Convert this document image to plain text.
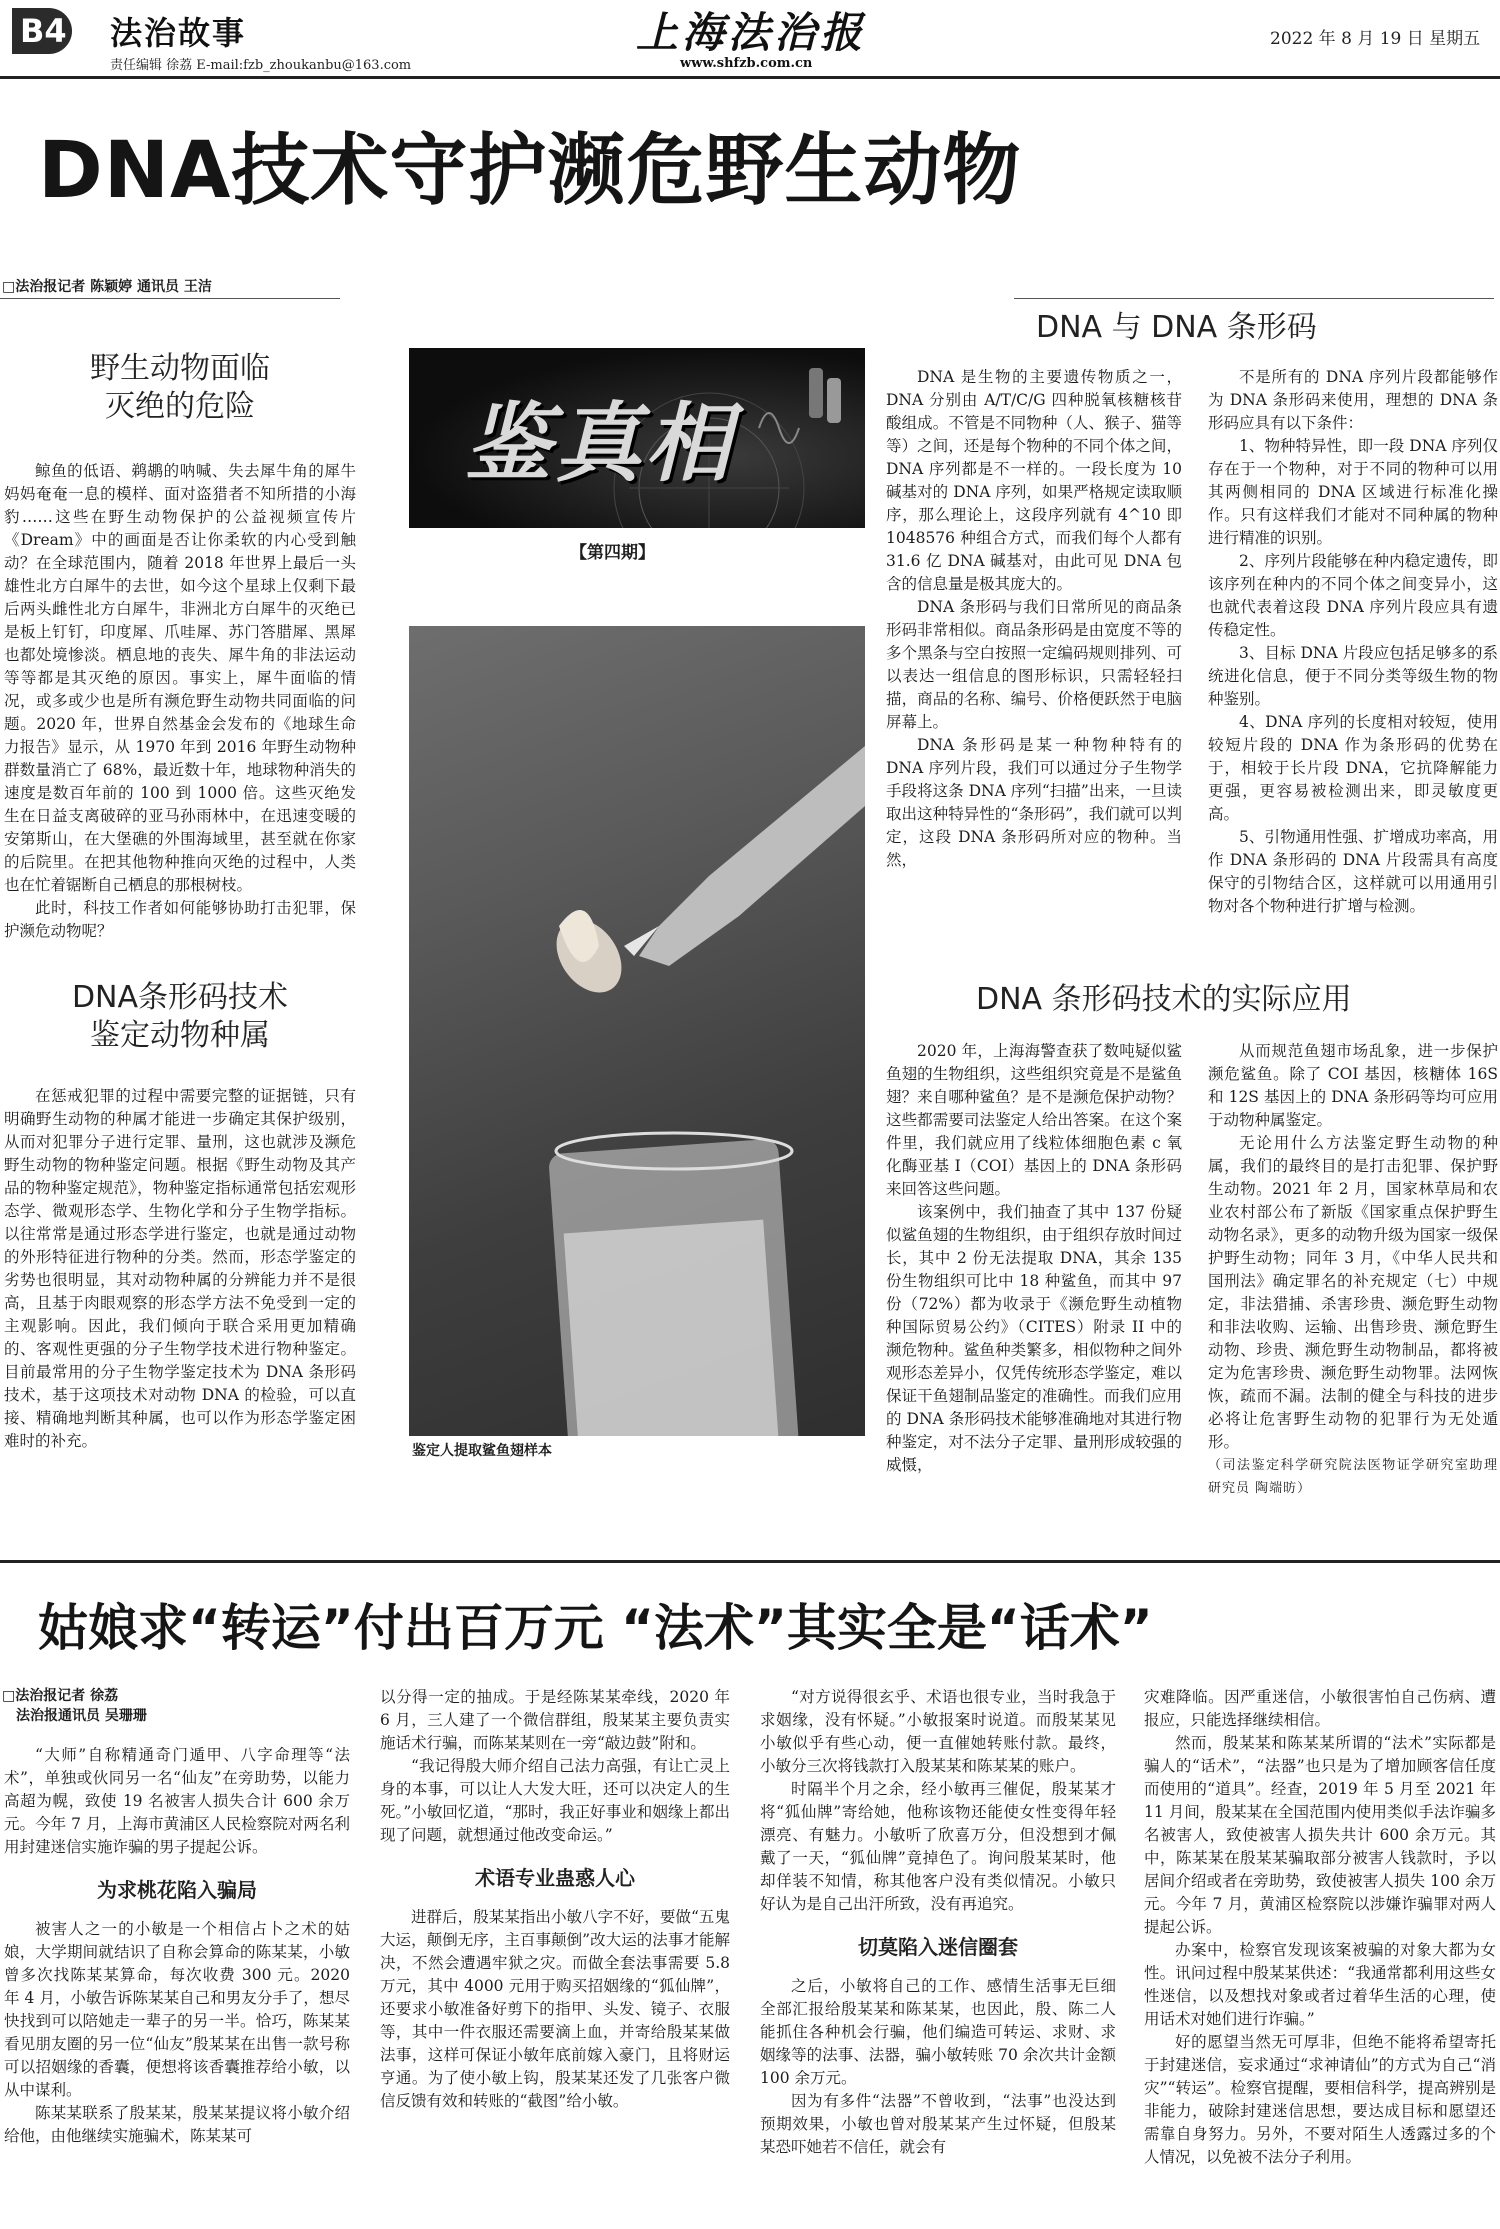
B4 法治故事
责任编辑 徐荔 E-mail:fzb_zhoukanbu@163.com
上海法治报
www.shfzb.com.cn
2022 年 8 月 19 日 星期五
DNA技术守护濒危野生动物
□法治报记者 陈颖婷 通讯员 王洁
野生动物面临
灭绝的危险

鲸鱼的低语、鹈鹕的呐喊、失去犀牛角的犀牛妈妈奄奄一息的模样、面对盗猎者不知所措的小海豹……这些在野生动物保护的公益视频宣传片《Dream》中的画面是否让你柔软的内心受到触动？在全球范围内，随着 2018 年世界上最后一头雄性北方白犀牛的去世，如今这个星球上仅剩下最后两头雌性北方白犀牛，非洲北方白犀牛的灭绝已是板上钉钉，印度犀、爪哇犀、苏门答腊犀、黑犀也都处境惨淡。栖息地的丧失、犀牛角的非法运动等等都是其灭绝的原因。事实上，犀牛面临的情况，或多或少也是所有濒危野生动物共同面临的问题。2020 年，世界自然基金会发布的《地球生命力报告》显示，从 1970 年到 2016 年野生动物种群数量消亡了 68%，最近数十年，地球物种消失的速度是数百年前的 100 到 1000 倍。这些灭绝发生在日益支离破碎的亚马孙雨林中，在迅速变暖的安第斯山，在大堡礁的外围海域里，甚至就在你家的后院里。在把其他物种推向灭绝的过程中，人类也在忙着锯断自己栖息的那根树枝。

此时，科技工作者如何能够协助打击犯罪，保护濒危动物呢？

DNA条形码技术
鉴定动物种属

在惩戒犯罪的过程中需要完整的证据链，只有明确野生动物的种属才能进一步确定其保护级别，从而对犯罪分子进行定罪、量刑，这也就涉及濒危野生动物的物种鉴定问题。根据《野生动物及其产品的物种鉴定规范》，物种鉴定指标通常包括宏观形态学、微观形态学、生物化学和分子生物学指标。以往常常是通过形态学进行鉴定，也就是通过动物的外形特征进行物种的分类。然而，形态学鉴定的劣势也很明显，其对动物种属的分辨能力并不是很高，且基于肉眼观察的形态学方法不免受到一定的主观影响。因此，我们倾向于联合采用更加精确的、客观性更强的分子生物学技术进行物种鉴定。目前最常用的分子生物学鉴定技术为 DNA 条形码技术，基于这项技术对动物 DNA 的检验，可以直接、精确地判断其种属，也可以作为形态学鉴定困难时的补充。

鉴真相
【第四期】
鉴定人提取鲨鱼翅样本
DNA 与 DNA 条形码

DNA 是生物的主要遗传物质之一，DNA 分别由 A/T/C/G 四种脱氧核糖核苷酸组成。不管是不同物种（人、猴子、猫等等）之间，还是每个物种的不同个体之间，DNA 序列都是不一样的。一段长度为 10 碱基对的 DNA 序列，如果严格规定读取顺序，那么理论上，这段序列就有 4^10 即 1048576 种组合方式，而我们每个人都有 31.6 亿 DNA 碱基对，由此可见 DNA 包含的信息量是极其庞大的。

DNA 条形码与我们日常所见的商品条形码非常相似。商品条形码是由宽度不等的多个黑条与空白按照一定编码规则排列、可以表达一组信息的图形标识，只需轻轻扫描，商品的名称、编号、价格便跃然于电脑屏幕上。

DNA 条形码是某一种物种特有的 DNA 序列片段，我们可以通过分子生物学手段将这条 DNA 序列“扫描”出来，一旦读取出这种特异性的“条形码”，我们就可以判定，这段 DNA 条形码所对应的物种。当然，

不是所有的 DNA 序列片段都能够作为 DNA 条形码来使用，理想的 DNA 条形码应具有以下条件：

1、物种特异性，即一段 DNA 序列仅存在于一个物种，对于不同的物种可以用其两侧相同的 DNA 区域进行标准化操作。只有这样我们才能对不同种属的物种进行精准的识别。

2、序列片段能够在种内稳定遗传，即该序列在种内的不同个体之间变异小，这也就代表着这段 DNA 序列片段应具有遗传稳定性。

3、目标 DNA 片段应包括足够多的系统进化信息，便于不同分类等级生物的物种鉴别。

4、DNA 序列的长度相对较短，使用较短片段的 DNA 作为条形码的优势在于，相较于长片段 DNA，它抗降解能力更强，更容易被检测出来，即灵敏度更高。

5、引物通用性强、扩增成功率高，用作 DNA 条形码的 DNA 片段需具有高度保守的引物结合区，这样就可以用通用引物对各个物种进行扩增与检测。

DNA 条形码技术的实际应用

2020 年，上海海警查获了数吨疑似鲨鱼翅的生物组织，这些组织究竟是不是鲨鱼翅？来自哪种鲨鱼？是不是濒危保护动物？这些都需要司法鉴定人给出答案。在这个案件里，我们就应用了线粒体细胞色素 c 氧化酶亚基 I（COI）基因上的 DNA 条形码来回答这些问题。

该案例中，我们抽查了其中 137 份疑似鲨鱼翅的生物组织，由于组织存放时间过长，其中 2 份无法提取 DNA，其余 135 份生物组织可比中 18 种鲨鱼，而其中 97 份（72%）都为收录于《濒危野生动植物种国际贸易公约》（CITES）附录 II 中的濒危物种。鲨鱼种类繁多，相似物种之间外观形态差异小，仅凭传统形态学鉴定，难以保证干鱼翅制品鉴定的准确性。而我们应用的 DNA 条形码技术能够准确地对其进行物种鉴定，对不法分子定罪、量刑形成较强的威慑，

从而规范鱼翅市场乱象，进一步保护濒危鲨鱼。除了 COI 基因，核糖体 16S 和 12S 基因上的 DNA 条形码等均可应用于动物种属鉴定。

无论用什么方法鉴定野生动物的种属，我们的最终目的是打击犯罪、保护野生动物。2021 年 2 月，国家林草局和农业农村部公布了新版《国家重点保护野生动物名录》，更多的动物升级为国家一级保护野生动物；同年 3 月，《中华人民共和国刑法》确定罪名的补充规定（七）中规定，非法猎捕、杀害珍贵、濒危野生动物和非法收购、运输、出售珍贵、濒危野生动物、珍贵、濒危野生动物制品，都将被定为危害珍贵、濒危野生动物罪。法网恢恢，疏而不漏。法制的健全与科技的进步必将让危害野生动物的犯罪行为无处遁形。

（司法鉴定科学研究院法医物证学研究室助理研究员 陶端昉）

姑娘求“转运”付出百万元 “法术”其实全是“话术”
□法治报记者 徐荔
法治报通讯员 吴珊珊

“大师”自称精通奇门遁甲、八字命理等“法术”，单独或伙同另一名“仙友”在旁助势，以能力高超为幌，致使 19 名被害人损失合计 600 余万元。今年 7 月，上海市黄浦区人民检察院对两名利用封建迷信实施诈骗的男子提起公诉。

为求桃花陷入骗局

被害人之一的小敏是一个相信占卜之术的姑娘，大学期间就结识了自称会算命的陈某某，小敏曾多次找陈某某算命，每次收费 300 元。2020 年 4 月，小敏告诉陈某某自己和男友分手了，想尽快找到可以陪她走一辈子的另一半。恰巧，陈某某看见朋友圈的另一位“仙友”殷某某在出售一款号称可以招姻缘的香囊，便想将该香囊推荐给小敏，以从中谋利。

陈某某联系了殷某某，殷某某提议将小敏介绍给他，由他继续实施骗术，陈某某可

以分得一定的抽成。于是经陈某某牵线，2020 年 6 月，三人建了一个微信群组，殷某某主要负责实施话术行骗，而陈某某则在一旁“敲边鼓”附和。

“我记得殷大师介绍自己法力高强，有让亡灵上身的本事，可以让人大发大旺，还可以决定人的生死。”小敏回忆道，“那时，我正好事业和姻缘上都出现了问题，就想通过他改变命运。”

术语专业蛊惑人心

进群后，殷某某指出小敏八字不好，要做“五鬼大运，颠倒无序，主百事颠倒”改大运的法事才能解决，不然会遭遇牢狱之灾。而做全套法事需要 5.8 万元，其中 4000 元用于购买招姻缘的“狐仙牌”，还要求小敏准备好剪下的指甲、头发、镜子、衣服等，其中一件衣服还需要滴上血，并寄给殷某某做法事，这样可保证小敏年底前嫁入豪门，且将财运亨通。为了使小敏上钩，殷某某还发了几张客户微信反馈有效和转账的“截图”给小敏。

“对方说得很玄乎、术语也很专业，当时我急于求姻缘，没有怀疑。”小敏报案时说道。而殷某某见小敏似乎有些心动，便一直催她转账付款。最终，小敏分三次将钱款打入殷某某和陈某某的账户。

时隔半个月之余，经小敏再三催促，殷某某才将“狐仙牌”寄给她，他称该物还能使女性变得年轻漂亮、有魅力。小敏听了欣喜万分，但没想到才佩戴了一天，“狐仙牌”竟掉色了。询问殷某某时，他却佯装不知情，称其他客户没有类似情况。小敏只好认为是自己出汗所致，没有再追究。

切莫陷入迷信圈套

之后，小敏将自己的工作、感情生活事无巨细全部汇报给殷某某和陈某某，也因此，殷、陈二人能抓住各种机会行骗，他们编造可转运、求财、求姻缘等的法事、法器，骗小敏转账 70 余次共计金额 100 余万元。

因为有多件“法器”不曾收到，“法事”也没达到预期效果，小敏也曾对殷某某产生过怀疑，但殷某某恐吓她若不信任，就会有

灾难降临。因严重迷信，小敏很害怕自己伤病、遭报应，只能选择继续相信。

然而，殷某某和陈某某所谓的“法术”实际都是骗人的“话术”，“法器”也只是为了增加顾客信任度而使用的“道具”。经查，2019 年 5 月至 2021 年 11 月间，殷某某在全国范围内使用类似手法诈骗多名被害人，致使被害人损失共计 600 余万元。其中，陈某某在殷某某骗取部分被害人钱款时，予以居间介绍或者在旁助势，致使被害人损失 100 余万元。今年 7 月，黄浦区检察院以涉嫌诈骗罪对两人提起公诉。

办案中，检察官发现该案被骗的对象大都为女性。讯问过程中殷某某供述：“我通常都利用这些女性迷信，以及想找对象或者过着华生活的心理，使用话术对她们进行诈骗。”

好的愿望当然无可厚非，但绝不能将希望寄托于封建迷信，妄求通过“求神请仙”的方式为自己“消灾”“转运”。检察官提醒，要相信科学，提高辨别是非能力，破除封建迷信思想，要达成目标和愿望还需靠自身努力。另外，不要对陌生人透露过多的个人情况，以免被不法分子利用。
